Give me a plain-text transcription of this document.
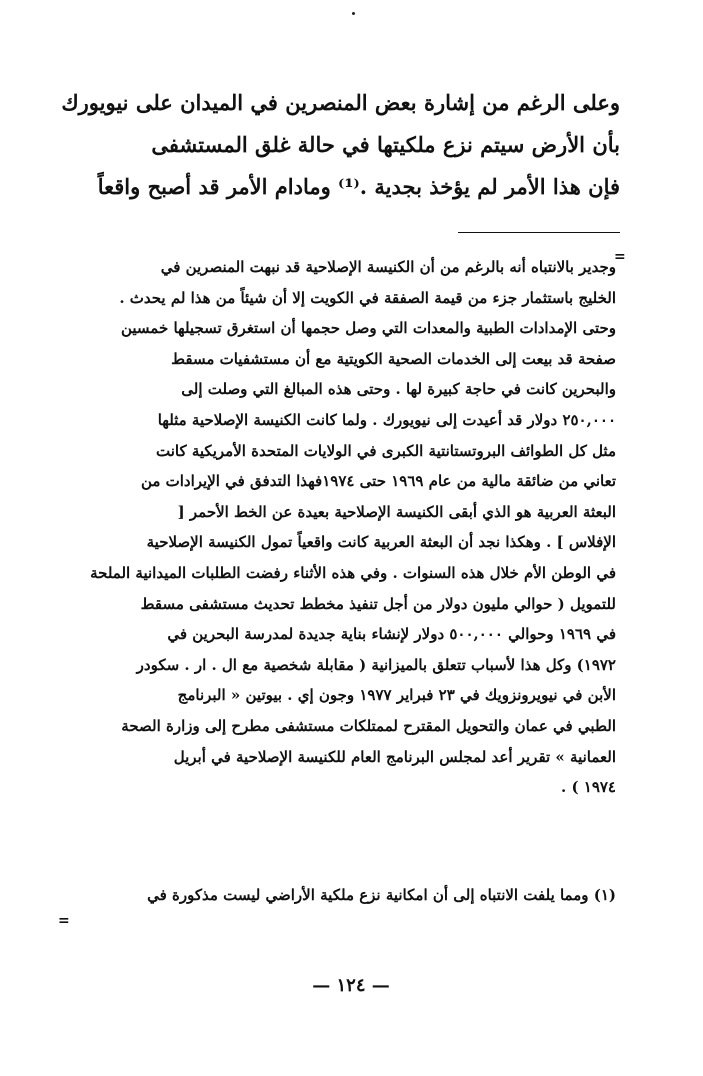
وعلى الرغم من إشارة بعض المنصرين في الميدان على نيويورك
بأن الأرض سيتم نزع ملكيتها في حالة غلق المستشفى
فإن هذا الأمر لم يؤخذ بجدية .⁽¹⁾ ومادام الأمر قد أصبح واقعاً
=
وجدير بالانتباه أنه بالرغم من أن الكنيسة الإصلاحية قد نبهت المنصرين في
الخليج باستثمار جزء من قيمة الصفقة في الكويت إلا أن شيئاً من هذا لم يحدث .
وحتى الإمدادات الطبية والمعدات التي وصل حجمها أن استغرق تسجيلها خمسين
صفحة قد بيعت إلى الخدمات الصحية الكويتية مع أن مستشفيات مسقط
والبحرين كانت في حاجة كبيرة لها . وحتى هذه المبالغ التي وصلت إلى
٢٥٠,٠٠٠ دولار قد أعيدت إلى نيويورك . ولما كانت الكنيسة الإصلاحية مثلها
مثل كل الطوائف البروتستانتية الكبرى في الولايات المتحدة الأمريكية كانت
تعاني من ضائقة مالية من عام ١٩٦٩ حتى ١٩٧٤فهذا التدفق في الإيرادات من
البعثة العربية هو الذي أبقى الكنيسة الإصلاحية بعيدة عن الخط الأحمر [
الإفلاس ] . وهكذا نجد أن البعثة العربية كانت واقعياً تمول الكنيسة الإصلاحية
في الوطن الأم خلال هذه السنوات . وفي هذه الأثناء رفضت الطلبات الميدانية الملحة
للتمويل ( حوالي مليون دولار من أجل تنفيذ مخطط تحديث مستشفى مسقط
في ١٩٦٩ وحوالي ٥٠٠,٠٠٠ دولار لإنشاء بناية جديدة لمدرسة البحرين في
١٩٧٢) وكل هذا لأسباب تتعلق بالميزانية ( مقابلة شخصية مع ال . ار . سكودر
الأبن في نيويرونزويك في ٢٣ فبراير ١٩٧٧ وجون إي . بيوتين « البرنامج
الطبي في عمان والتحويل المقترح لممتلكات مستشفى مطرح إلى وزارة الصحة
العمانية » تقرير أعد لمجلس البرنامج العام للكنيسة الإصلاحية في أبريل
١٩٧٤ ) .
(١) ومما يلفت الانتباه إلى أن امكانية نزع ملكية الأراضي ليست مذكورة في
=
— ١٢٤ —
